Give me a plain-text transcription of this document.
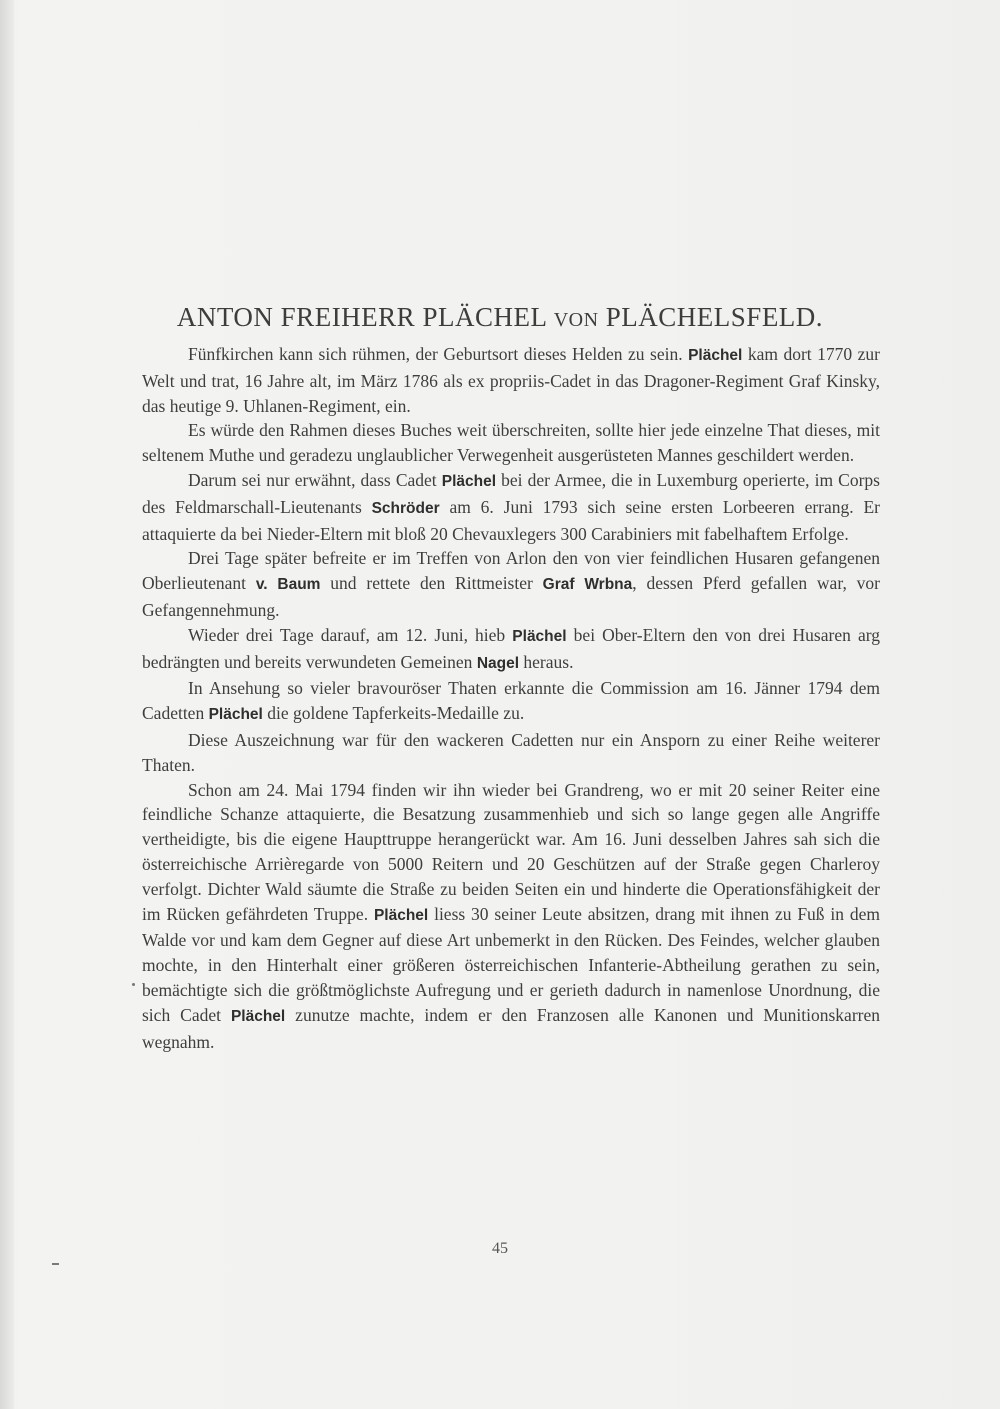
ANTON FREIHERR PLÄCHEL VON PLÄCHELSFELD.

Fünfkirchen kann sich rühmen, der Geburtsort dieses Helden zu sein. Plächel kam dort 1770 zur Welt und trat, 16 Jahre alt, im März 1786 als ex propriis-Cadet in das Dragoner-Regiment Graf Kinsky, das heutige 9. Uhlanen-Regiment, ein.

Es würde den Rahmen dieses Buches weit überschreiten, sollte hier jede einzelne That dieses, mit seltenem Muthe und geradezu unglaublicher Verwegenheit ausgerüsteten Mannes geschildert werden.

Darum sei nur erwähnt, dass Cadet Plächel bei der Armee, die in Luxemburg operierte, im Corps des Feldmarschall-Lieutenants Schröder am 6. Juni 1793 sich seine ersten Lorbeeren errang. Er attaquierte da bei Nieder-Eltern mit bloß 20 Chevauxlegers 300 Carabiniers mit fabelhaftem Erfolge.

Drei Tage später befreite er im Treffen von Arlon den von vier feindlichen Husaren gefangenen Oberlieutenant v. Baum und rettete den Rittmeister Graf Wrbna, dessen Pferd gefallen war, vor Gefangennehmung.

Wieder drei Tage darauf, am 12. Juni, hieb Plächel bei Ober-Eltern den von drei Husaren arg bedrängten und bereits verwundeten Gemeinen Nagel heraus.

In Ansehung so vieler bravouröser Thaten erkannte die Commission am 16. Jänner 1794 dem Cadetten Plächel die goldene Tapferkeits-Medaille zu.

Diese Auszeichnung war für den wackeren Cadetten nur ein Ansporn zu einer Reihe weiterer Thaten.

Schon am 24. Mai 1794 finden wir ihn wieder bei Grandreng, wo er mit 20 seiner Reiter eine feindliche Schanze attaquierte, die Besatzung zusammenhieb und sich so lange gegen alle Angriffe vertheidigte, bis die eigene Haupttruppe herangerückt war. Am 16. Juni desselben Jahres sah sich die österreichische Arrièregarde von 5000 Reitern und 20 Geschützen auf der Straße gegen Charleroy verfolgt. Dichter Wald säumte die Straße zu beiden Seiten ein und hinderte die Operationsfähigkeit der im Rücken gefährdeten Truppe. Plächel liess 30 seiner Leute absitzen, drang mit ihnen zu Fuß in dem Walde vor und kam dem Gegner auf diese Art unbemerkt in den Rücken. Des Feindes, welcher glauben mochte, in den Hinterhalt einer größeren österreichischen Infanterie-Abtheilung gerathen zu sein, bemächtigte sich die größtmöglichste Aufregung und er gerieth dadurch in namenlose Unordnung, die sich Cadet Plächel zunutze machte, indem er den Franzosen alle Kanonen und Munitionskarren wegnahm.

45
